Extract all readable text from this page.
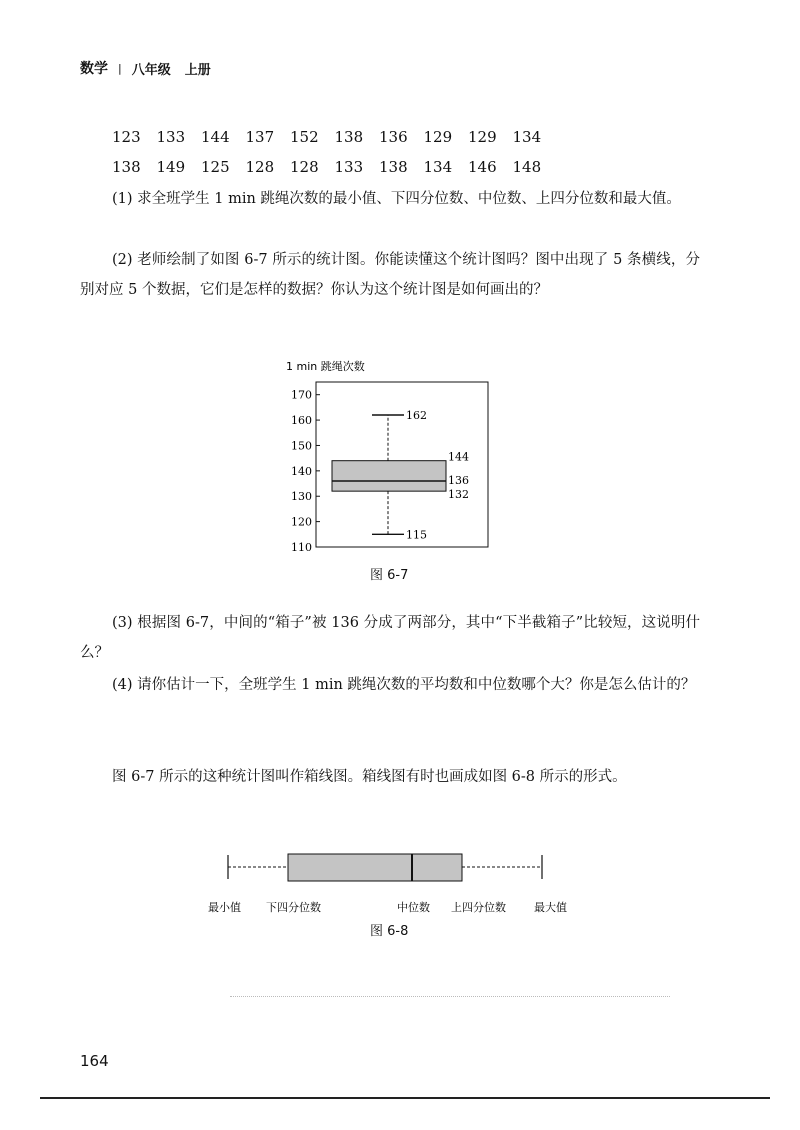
数学 | 八年级 上册
123	133	144	137	152	138	136	129	129	134
138	149	125	128	128	133	138	134	146	148
(1) 求全班学生 1 min 跳绳次数的最小值、下四分位数、中位数、上四分位数和最大值。
(2) 老师绘制了如图 6-7 所示的统计图。你能读懂这个统计图吗？图中出现了 5 条横线，分别对应 5 个数据，它们是怎样的数据？你认为这个统计图是如何画出的？
1 min 跳绳次数
110
120
130
140
150
160
170
162
144
136
132
115
图 6-7
(3) 根据图 6-7，中间的“箱子”被 136 分成了两部分，其中“下半截箱子”比较短，这说明什么？
(4) 请你估计一下，全班学生 1 min 跳绳次数的平均数和中位数哪个大？你是怎么估计的？
图 6-7 所示的这种统计图叫作箱线图。箱线图有时也画成如图 6-8 所示的形式。
最小值 下四分位数	中位数 上四分位数	最大值
图 6-8
164
